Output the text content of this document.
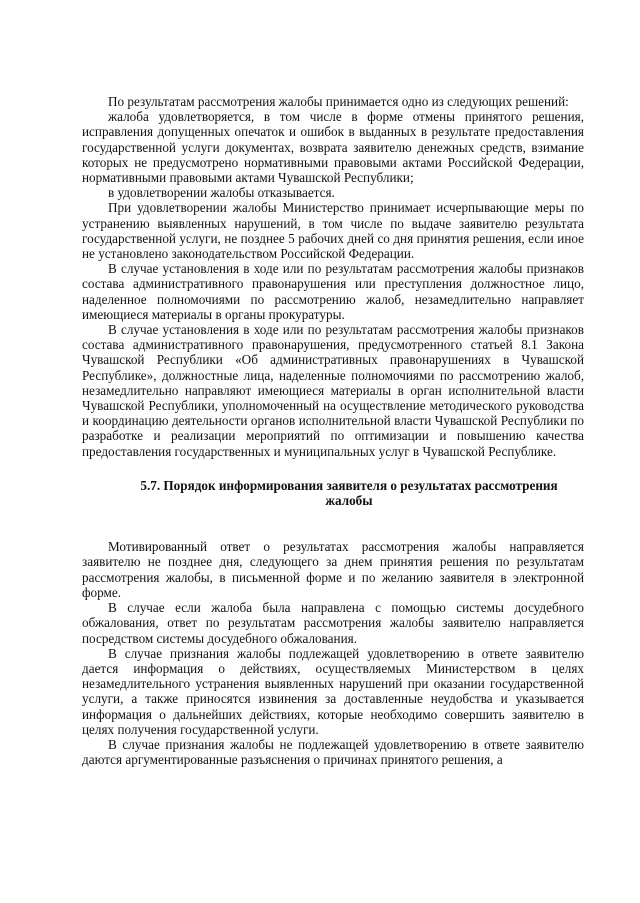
По результатам рассмотрения жалобы принимается одно из следующих решений:

жалоба удовлетворяется, в том числе в форме отмены принятого решения, исправления допущенных опечаток и ошибок в выданных в результате предоставления государственной услуги документах, возврата заявителю денежных средств, взимание которых не предусмотрено нормативными правовыми актами Российской Федерации, нормативными правовыми актами Чувашской Республики;

в удовлетворении жалобы отказывается.

При удовлетворении жалобы Министерство принимает исчерпывающие меры по устранению выявленных нарушений, в том числе по выдаче заявителю результата государственной услуги, не позднее 5 рабочих дней со дня принятия решения, если иное не установлено законодательством Российской Федерации.

В случае установления в ходе или по результатам рассмотрения жалобы признаков состава административного правонарушения или преступления должностное лицо, наделенное полномочиями по рассмотрению жалоб, незамедлительно направляет имеющиеся материалы в органы прокуратуры.

В случае установления в ходе или по результатам рассмотрения жалобы признаков состава административного правонарушения, предусмотренного статьей 8.1 Закона Чувашской Республики «Об административных правонарушениях в Чувашской Республике», должностные лица, наделенные полномочиями по рассмотрению жалоб, незамедлительно направляют имеющиеся материалы в орган исполнительной власти Чувашской Республики, уполномоченный на осуществление методического руководства и координацию деятельности органов исполнительной власти Чувашской Республики по разработке и реализации мероприятий по оптимизации и повышению качества предоставления государственных и муниципальных услуг в Чувашской Республике.

5.7. Порядок информирования заявителя о результатах рассмотрения жалобы

Мотивированный ответ о результатах рассмотрения жалобы направляется заявителю не позднее дня, следующего за днем принятия решения по результатам рассмотрения жалобы, в письменной форме и по желанию заявителя в электронной форме.

В случае если жалоба была направлена с помощью системы досудебного обжалования, ответ по результатам рассмотрения жалобы заявителю направляется посредством системы досудебного обжалования.

В случае признания жалобы подлежащей удовлетворению в ответе заявителю дается информация о действиях, осуществляемых Министерством в целях незамедлительного устранения выявленных нарушений при оказании государственной услуги, а также приносятся извинения за доставленные неудобства и указывается информация о дальнейших действиях, которые необходимо совершить заявителю в целях получения государственной услуги.

В случае признания жалобы не подлежащей удовлетворению в ответе заявителю даются аргументированные разъяснения о причинах принятого решения, а
